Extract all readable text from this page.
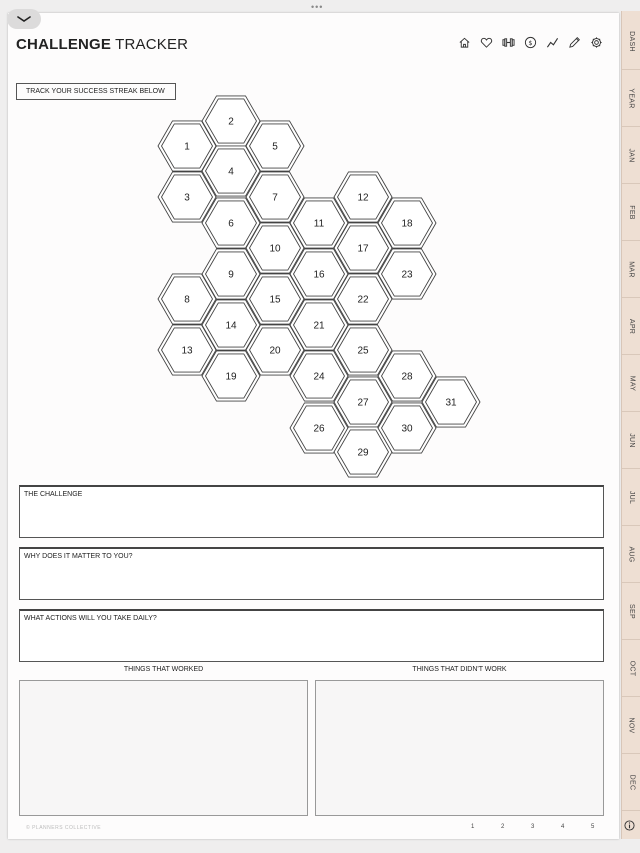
•••
CHALLENGE TRACKER	$
TRACK YOUR SUCCESS STREAK BELOW
1
2
3
4
5
6
7
8
9
10
11
12
13
14
15
16
17
18
19
20
21
22
23
24
25
26
27
28
29
30
31
THE CHALLENGE
WHY DOES IT MATTER TO YOU?
WHAT ACTIONS WILL YOU TAKE DAILY?
THINGS THAT WORKED	THINGS THAT DIDN'T WORK
© PLANNERS COLLECTIVE	1	2	3	4	5
DASH
YEAR
JAN
FEB
MAR
APR
MAY
JUN
JUL
AUG
SEP
OCT
NOV
DEC
